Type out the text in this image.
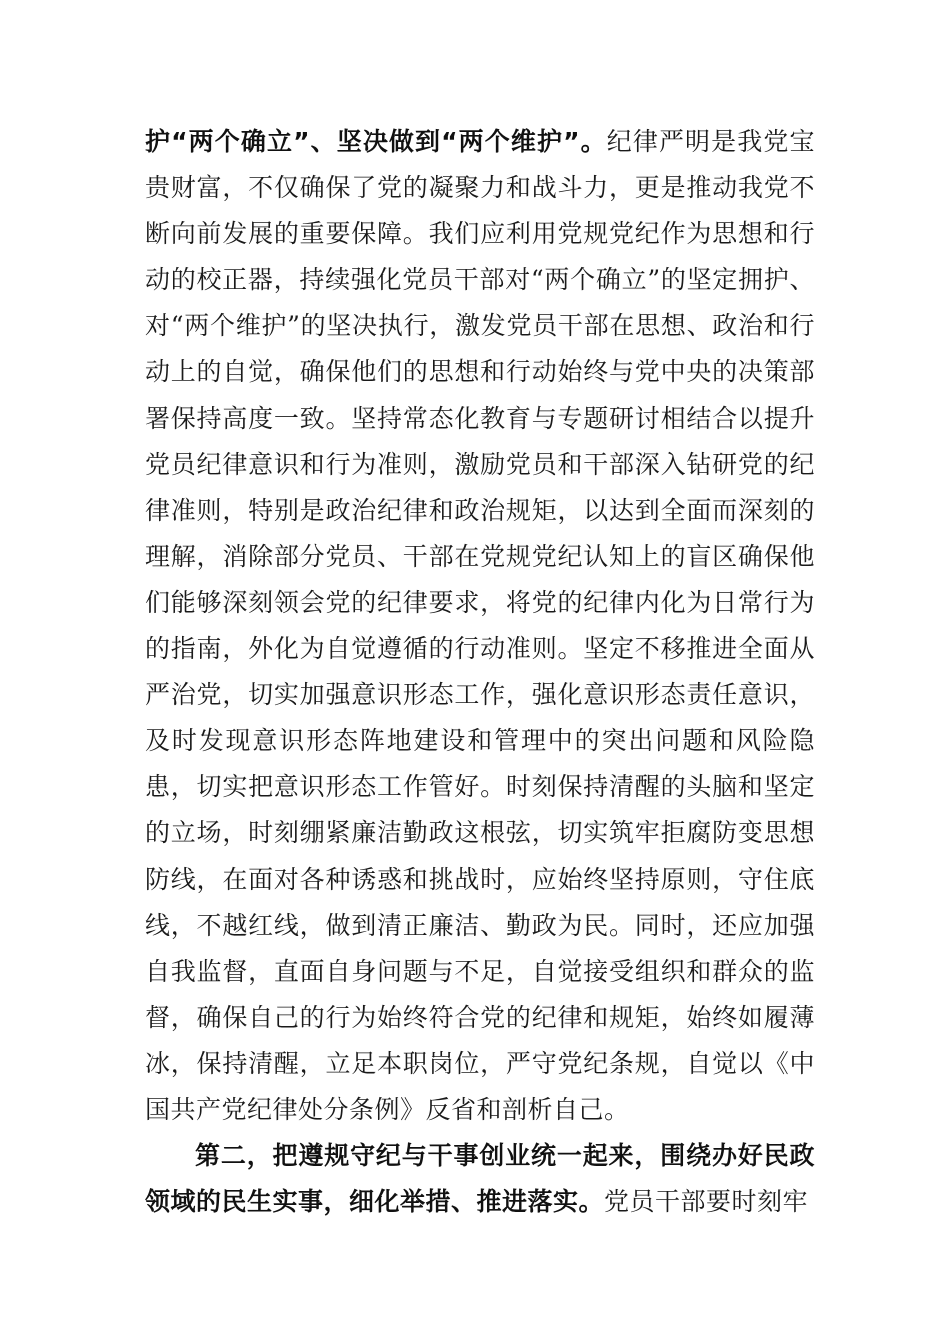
护“两个确立”、坚决做到“两个维护”。纪律严明是我党宝贵财富，不仅确保了党的凝聚力和战斗力，更是推动我党不断向前发展的重要保障。我们应利用党规党纪作为思想和行动的校正器，持续强化党员干部对“两个确立”的坚定拥护、对“两个维护”的坚决执行，激发党员干部在思想、政治和行动上的自觉，确保他们的思想和行动始终与党中央的决策部署保持高度一致。坚持常态化教育与专题研讨相结合以提升党员纪律意识和行为准则，激励党员和干部深入钻研党的纪律准则，特别是政治纪律和政治规矩，以达到全面而深刻的理解，消除部分党员、干部在党规党纪认知上的盲区确保他们能够深刻领会党的纪律要求，将党的纪律内化为日常行为的指南，外化为自觉遵循的行动准则。坚定不移推进全面从严治党，切实加强意识形态工作，强化意识形态责任意识，及时发现意识形态阵地建设和管理中的突出问题和风险隐患，切实把意识形态工作管好。时刻保持清醒的头脑和坚定的立场，时刻绷紧廉洁勤政这根弦，切实筑牢拒腐防变思想防线，在面对各种诱惑和挑战时，应始终坚持原则，守住底线，不越红线，做到清正廉洁、勤政为民。同时，还应加强自我监督，直面自身问题与不足，自觉接受组织和群众的监督，确保自己的行为始终符合党的纪律和规矩，始终如履薄冰，保持清醒，立足本职岗位，严守党纪条规，自觉以《中国共产党纪律处分条例》反省和剖析自己。

第二，把遵规守纪与干事创业统一起来，围绕办好民政领域的民生实事，细化举措、推进落实。党员干部要时刻牢
